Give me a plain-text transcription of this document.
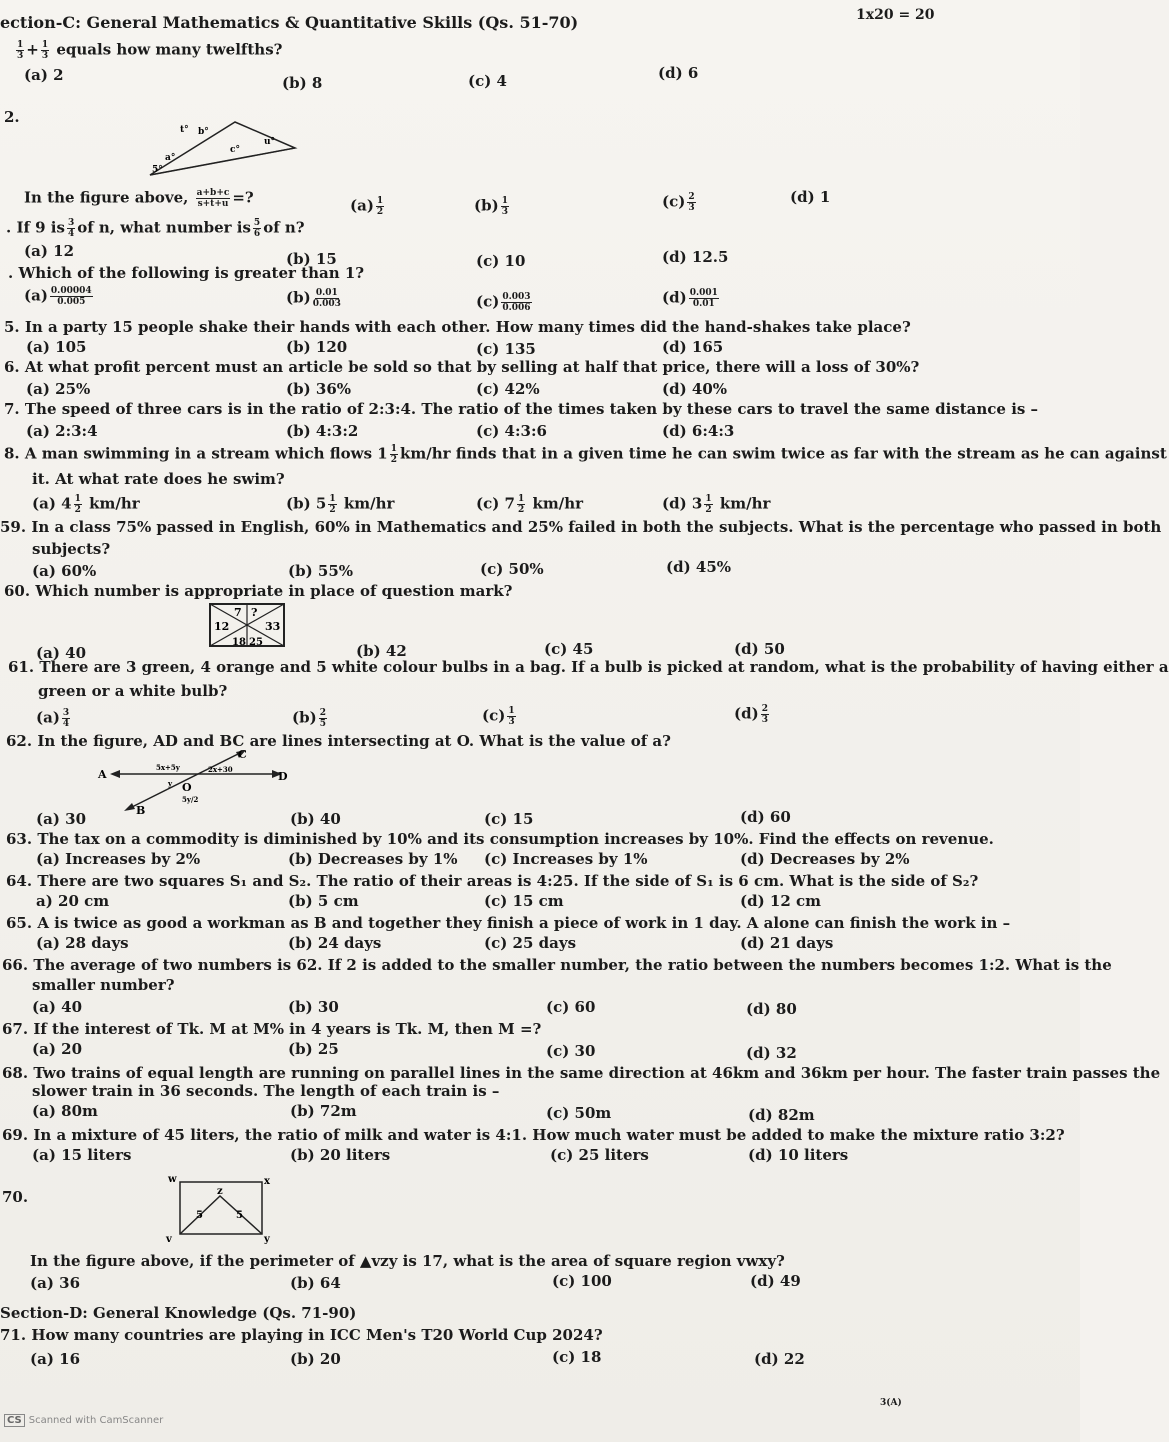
ection-C: General Mathematics & Quantitative Skills (Qs. 51-70)	1x20 = 20
$\frac{1}{3} + \frac{1}{3}$ equals how many twelfths?
(a) 2	(b) 8	(c) 4	(d) 6
2.
5°
a°
t° b°
c°
u°
In the figure above, $\frac{a+b+c}{s+t+u}$ =?	$(a) \frac{1}{2}$	$(b) \frac{1}{3}$	$(c) \frac{2}{3}$	(d) 1
. If 9 is $\frac{3}{4}$ of n, what number is $\frac{5}{6}$ of n?
(a) 12	(b) 15	(c) 10	(d) 12.5
. Which of the following is greater than 1?
$(a) \frac{0.00004}{0.005}$	$(b) \frac{0.01}{0.003}$	$(c) \frac{0.003}{0.006}$	$(d) \frac{0.001}{0.01}$
5. In a party 15 people shake their hands with each other. How many times did the hand-shakes take place?
(a) 105	(b) 120	(c) 135	(d) 165
6. At what profit percent must an article be sold so that by selling at half that price, there will a loss of 30%?
(a) 25%	(b) 36%	(c) 42%	(d) 40%
7. The speed of three cars is in the ratio of 2:3:4. The ratio of the times taken by these cars to travel the same distance is –
(a) 2:3:4	(b) 4:3:2	(c) 4:3:6	(d) 6:4:3
8. A man swimming in a stream which flows $1 \frac{1}{2} km/hr$ finds that in a given time he can swim twice as far with the stream as he can against
it. At what rate does he swim?
(a) $4 \frac{1}{2} km/hr$	(b) $5 \frac{1}{2} km/hr$	(c) $7 \frac{1}{2} km/hr$	(d) $3 \frac{1}{2} km/hr$
59. In a class 75% passed in English, 60% in Mathematics and 25% failed in both the subjects. What is the percentage who passed in both
subjects?
(a) 60%	(b) 55%	(c) 50%	(d) 45%
60. Which number is appropriate in place of question mark?
7 ?
12	33
18 25
(a) 40	(b) 42	(c) 45	(d) 50
61. There are 3 green, 4 orange and 5 white colour bulbs in a bag. If a bulb is picked at random, what is the probability of having either a
green or a white bulb?
$(a) \frac{3}{4}$	$(b) \frac{2}{5}$	$(c) \frac{1}{3}$	$(d) \frac{2}{3}$
62. In the figure, AD and BC are lines intersecting at O. What is the value of a?
C
A	D
B
O
5x+5y	2x+30
y
5y/2
(a) 30	(b) 40	(c) 15	(d) 60
63. The tax on a commodity is diminished by 10% and its consumption increases by 10%. Find the effects on revenue.
(a) Increases by 2%	(b) Decreases by 1% (c) Increases by 1%	(d) Decreases by 2%
64. There are two squares S₁ and S₂. The ratio of their areas is 4:25. If the side of S₁ is 6 cm. What is the side of S₂?
a) 20 cm	(b) 5 cm	(c) 15 cm	(d) 12 cm
65. A is twice as good a workman as B and together they finish a piece of work in 1 day. A alone can finish the work in –
(a) 28 days	(b) 24 days	(c) 25 days	(d) 21 days
66. The average of two numbers is 62. If 2 is added to the smaller number, the ratio between the numbers becomes 1:2. What is the
smaller number?
(a) 40	(b) 30	(c) 60	(d) 80
67. If the interest of Tk. M at M% in 4 years is Tk. M, then M =?
(a) 20	(b) 25	(c) 30	(d) 32
68. Two trains of equal length are running on parallel lines in the same direction at 46km and 36km per hour. The faster train passes the
slower train in 36 seconds. The length of each train is –
(a) 80m	(b) 72m	(c) 50m	(d) 82m
69. In a mixture of 45 liters, the ratio of milk and water is 4:1. How much water must be added to make the mixture ratio 3:2?
(a) 15 liters	(b) 20 liters	(c) 25 liters	(d) 10 liters
70.
w	x
z
5	5
v	y
In the figure above, if the perimeter of ▲vzy is 17, what is the area of square region vwxy?
(a) 36	(b) 64	(c) 100	(d) 49
Section-D: General Knowledge (Qs. 71-90)
71. How many countries are playing in ICC Men's T20 World Cup 2024?
(a) 16	(b) 20	(c) 18	(d) 22
3(A)
CS Scanned with CamScanner
